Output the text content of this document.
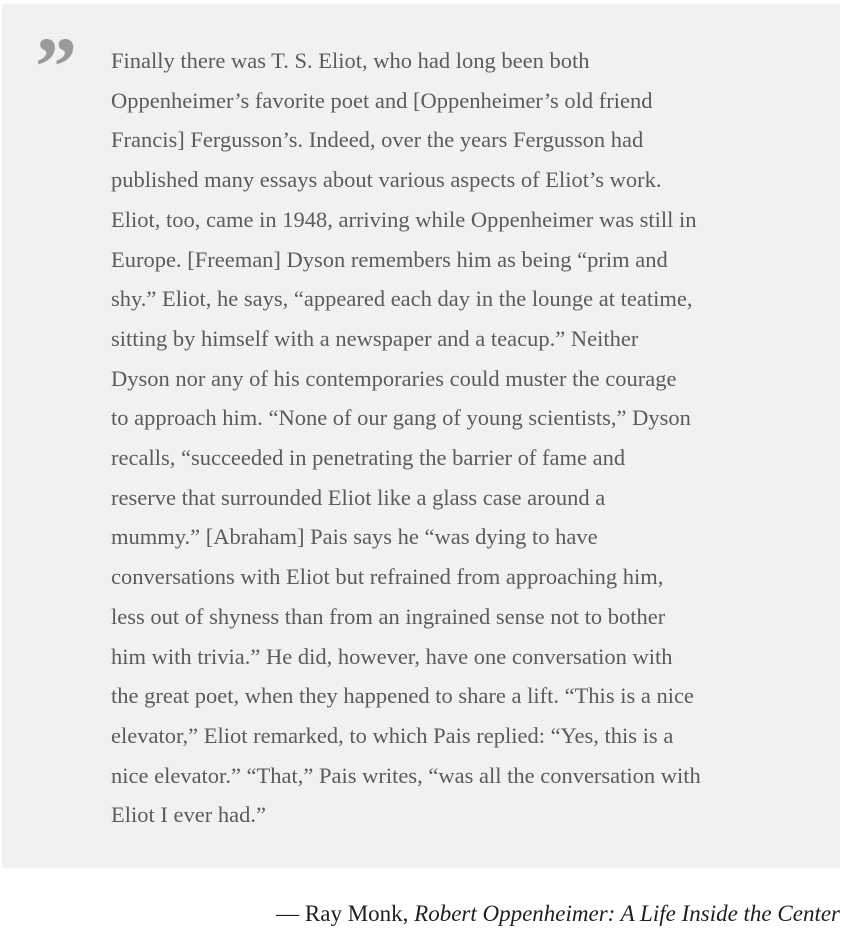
” Finally there was T. S. Eliot, who had long been both
Oppenheimer’s favorite poet and [Oppenheimer’s old friend
Francis] Fergusson’s. Indeed, over the years Fergusson had
published many essays about various aspects of Eliot’s work.
Eliot, too, came in 1948, arriving while Oppenheimer was still in
Europe. [Freeman] Dyson remembers him as being “prim and
shy.” Eliot, he says, “appeared each day in the lounge at teatime,
sitting by himself with a newspaper and a teacup.” Neither
Dyson nor any of his contemporaries could muster the courage
to approach him. “None of our gang of young scientists,” Dyson
recalls, “succeeded in penetrating the barrier of fame and
reserve that surrounded Eliot like a glass case around a
mummy.” [Abraham] Pais says he “was dying to have
conversations with Eliot but refrained from approaching him,
less out of shyness than from an ingrained sense not to bother
him with trivia.” He did, however, have one conversation with
the great poet, when they happened to share a lift. “This is a nice
elevator,” Eliot remarked, to which Pais replied: “Yes, this is a
nice elevator.” “That,” Pais writes, “was all the conversation with
Eliot I ever had.”

— Ray Monk, Robert Oppenheimer: A Life Inside the Center
